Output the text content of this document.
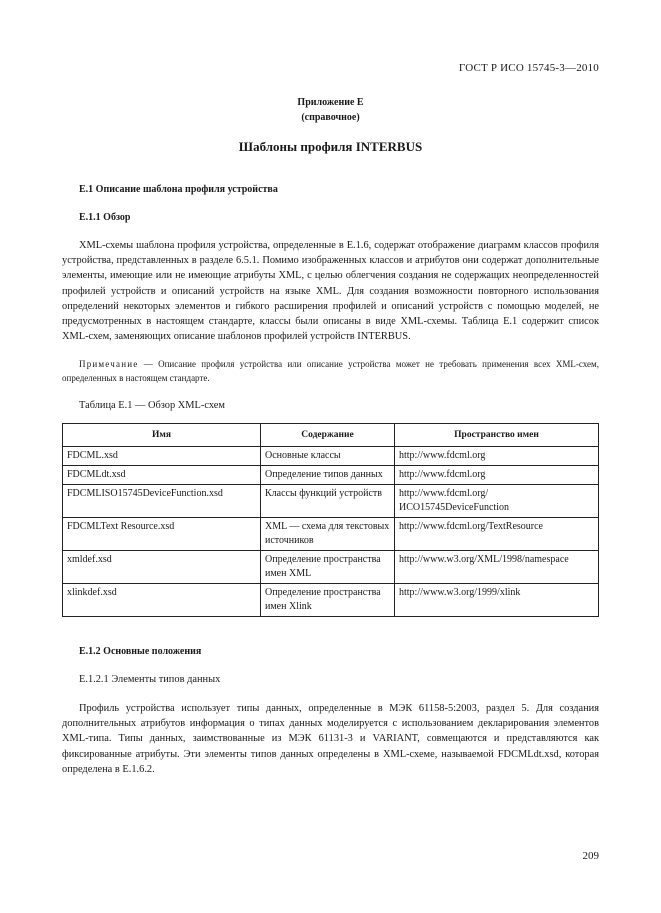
ГОСТ Р ИСО 15745-3—2010
Приложение Е
(справочное)
Шаблоны профиля INTERBUS
Е.1 Описание шаблона профиля устройства
Е.1.1 Обзор

XML-схемы шаблона профиля устройства, определенные в Е.1.6, содержат отображение диаграмм классов профиля устройства, представленных в разделе 6.5.1. Помимо изображенных классов и атрибутов они содержат дополнительные элементы, имеющие или не имеющие атрибуты XML, с целью облегчения создания не содержащих неопределенностей профилей устройств и описаний устройств на языке XML. Для создания возможности повторного использования определений некоторых элементов и гибкого расширения профилей и описаний устройств с помощью моделей, не предусмотренных в настоящем стандарте, классы были описаны в виде XML-схемы. Таблица Е.1 содержит список XML-схем, заменяющих описание шаблонов профилей устройств INTERBUS.

Примечание — Описание профиля устройства или описание устройства может не требовать применения всех XML-схем, определенных в настоящем стандарте.
Таблица Е.1 — Обзор XML-схем
Имя	Содержание	Пространство имен
FDCML.xsd	Основные классы	http://www.fdcml.org
FDCMLdt.xsd	Определение типов данных	http://www.fdcml.org
FDCMLISO15745DeviceFunction.xsd	Классы функций устройств	http://www.fdcml.org/ ИСО15745DeviceFunction
FDCMLText Resource.xsd	XML — схема для текстовых источников	http://www.fdcml.org/TextResource
xmldef.xsd	Определение пространства имен XML	http://www.w3.org/XML/1998/namespace
xlinkdef.xsd	Определение пространства имен Xlink	http://www.w3.org/1999/xlink
Е.1.2 Основные положения
Е.1.2.1 Элементы типов данных

Профиль устройства использует типы данных, определенные в МЭК 61158-5:2003, раздел 5. Для создания дополнительных атрибутов информация о типах данных моделируется с использованием декларирования элементов XML-типа. Типы данных, заимствованные из МЭК 61131-3 и VARIANT, совмещаются и представляются как фиксированные атрибуты. Эти элементы типов данных определены в XML-схеме, называемой FDCMLdt.xsd, которая определена в Е.1.6.2.

209
